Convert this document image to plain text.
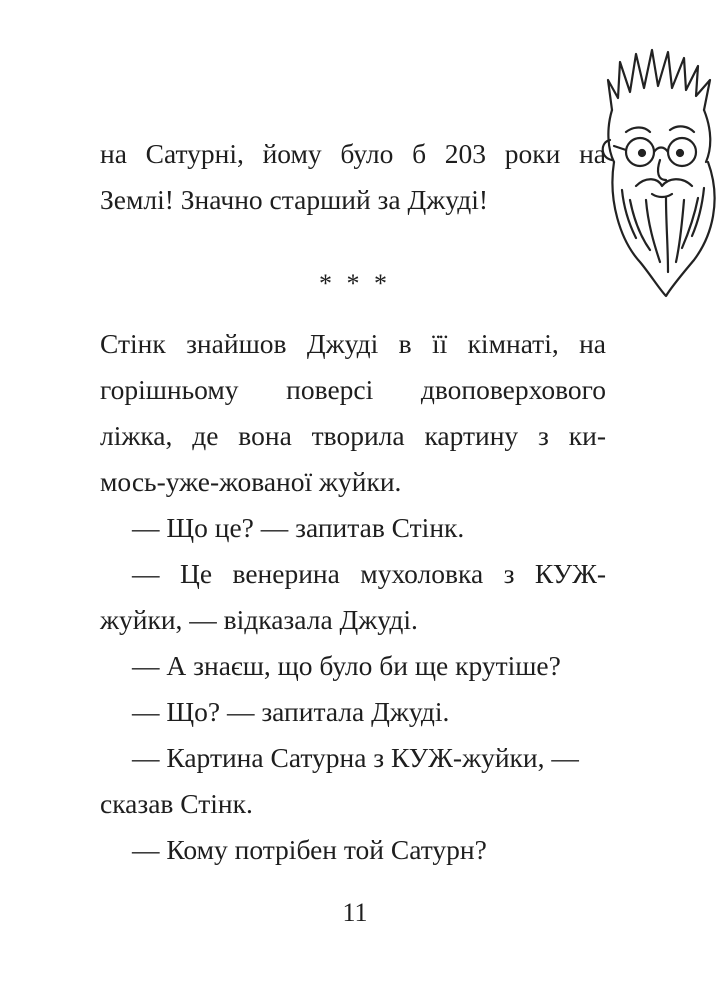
на Сатурні, йому було б 203 роки на
Землі! Значно старший за Джуді!
* * *
Стінк знайшов Джуді в її кімнаті, на
горішньому поверсі двоповерхового
ліжка, де вона творила картину з ки-
мось-уже-жованої жуйки.
— Що це? — запитав Стінк.
— Це венерина мухоловка з КУЖ-
жуйки, — відказала Джуді.
— А знаєш, що було би ще крутіше?
— Що? — запитала Джуді.
— Картина Сатурна з КУЖ-жуйки, —
сказав Стінк.
— Кому потрібен той Сатурн?
11
